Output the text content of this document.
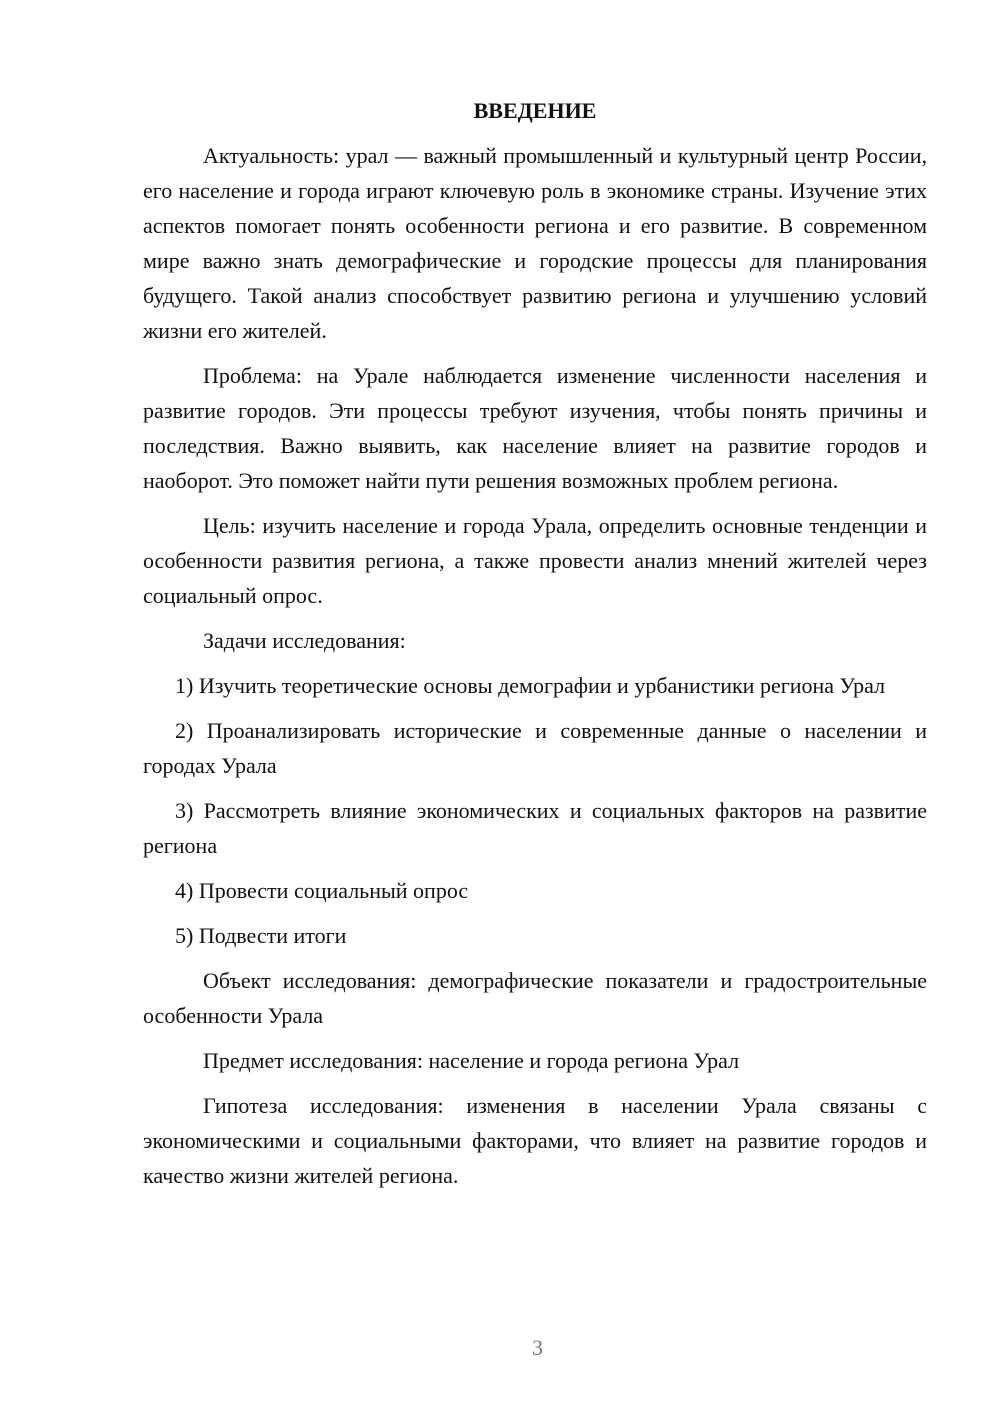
ВВЕДЕНИЕ

Актуальность: урал — важный промышленный и культурный центр России, его население и города играют ключевую роль в экономике страны. Изучение этих аспектов помогает понять особенности региона и его развитие. В современном мире важно знать демографические и городские процессы для планирования будущего. Такой анализ способствует развитию региона и улучшению условий жизни его жителей.

Проблема: на Урале наблюдается изменение численности населения и развитие городов. Эти процессы требуют изучения, чтобы понять причины и последствия. Важно выявить, как население влияет на развитие городов и наоборот. Это поможет найти пути решения возможных проблем региона.

Цель: изучить население и города Урала, определить основные тенденции и особенности развития региона, а также провести анализ мнений жителей через социальный опрос.

Задачи исследования:

1) Изучить теоретические основы демографии и урбанистики региона Урал

2) Проанализировать исторические и современные данные о населении и городах Урала

3) Рассмотреть влияние экономических и социальных факторов на развитие региона

4) Провести социальный опрос

5) Подвести итоги

Объект исследования: демографические показатели и градостроительные особенности Урала

Предмет исследования: население и города региона Урал

Гипотеза исследования: изменения в населении Урала связаны с экономическими и социальными факторами, что влияет на развитие городов и качество жизни жителей региона.

3
